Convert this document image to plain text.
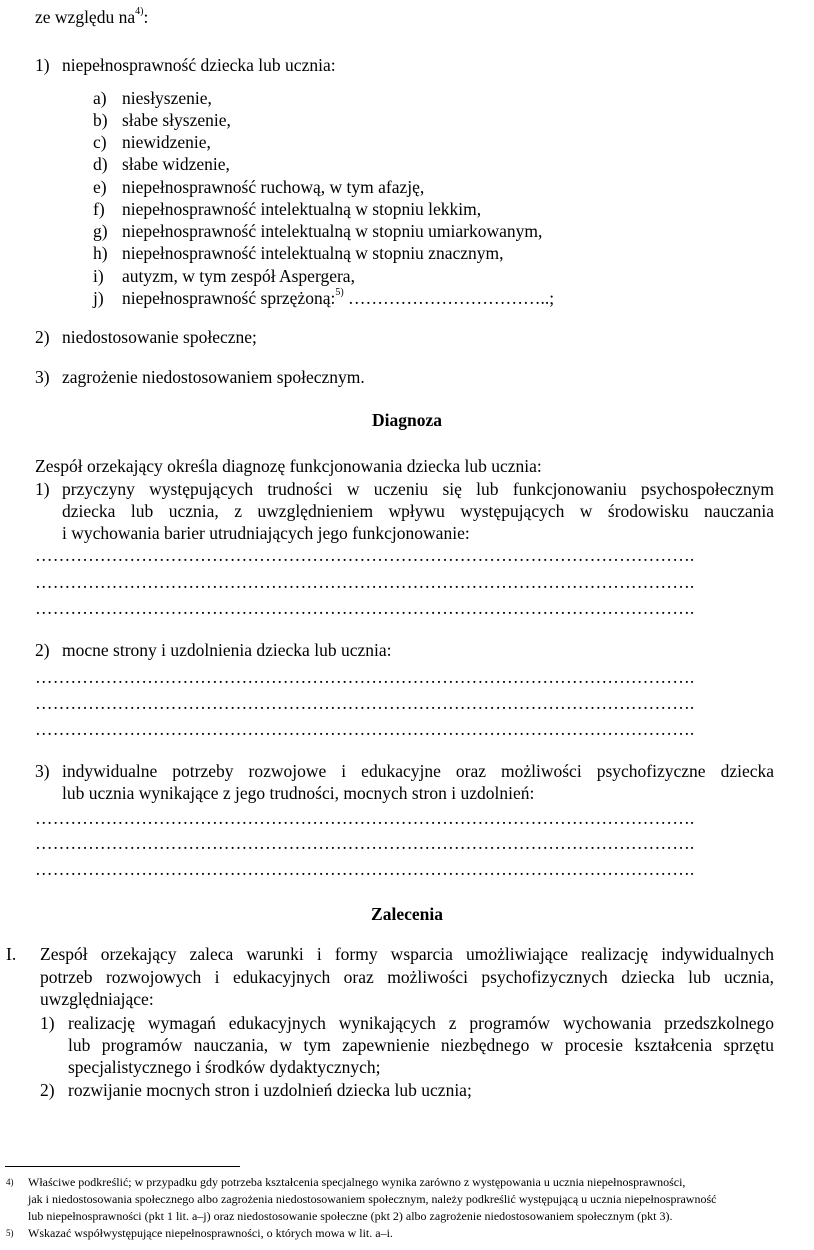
ze względu $na^{4)}$:
1) niepełnosprawność dziecka lub ucznia:
a) niesłyszenie,
b) słabe słyszenie,
c) niewidzenie,
d) słabe widzenie,
e) niepełnosprawność ruchową, w tym afazję,
f) niepełnosprawność intelektualną w stopniu lekkim,
g) niepełnosprawność intelektualną w stopniu umiarkowanym,
h) niepełnosprawność intelektualną w stopniu znacznym,
i) autyzm, w tym zespół Aspergera,
j) niepełnosprawność sprzężoną:$^{5)}$ ……………………………..;
2) niedostosowanie społeczne;
3) zagrożenie niedostosowaniem społecznym.
Diagnoza
Zespół orzekający określa diagnozę funkcjonowania dziecka lub ucznia:
1) przyczyny występujących trudności w uczeniu się lub funkcjonowaniu psychospołecznym
dziecka lub ucznia, z uwzględnieniem wpływu występujących w środowisku nauczania
i wychowania barier utrudniających jego funkcjonowanie:
………………………………………………………………………………………………….
………………………………………………………………………………………………….
………………………………………………………………………………………………….
2) mocne strony i uzdolnienia dziecka lub ucznia:
………………………………………………………………………………………………….
………………………………………………………………………………………………….
………………………………………………………………………………………………….
3) indywidualne potrzeby rozwojowe i edukacyjne oraz możliwości psychofizyczne dziecka
lub ucznia wynikające z jego trudności, mocnych stron i uzdolnień:
………………………………………………………………………………………………….
………………………………………………………………………………………………….
………………………………………………………………………………………………….
Zalecenia
I. Zespół orzekający zaleca warunki i formy wsparcia umożliwiające realizację indywidualnych
potrzeb rozwojowych i edukacyjnych oraz możliwości psychofizycznych dziecka lub ucznia,
uwzględniające:
1) realizację wymagań edukacyjnych wynikających z programów wychowania przedszkolnego
lub programów nauczania, w tym zapewnienie niezbędnego w procesie kształcenia sprzętu
specjalistycznego i środków dydaktycznych;
2) rozwijanie mocnych stron i uzdolnień dziecka lub ucznia;
4) Właściwe podkreślić; w przypadku gdy potrzeba kształcenia specjalnego wynika zarówno z występowania u ucznia niepełnosprawności,
jak i niedostosowania społecznego albo zagrożenia niedostosowaniem społecznym, należy podkreślić występującą u ucznia niepełnosprawność
lub niepełnosprawności (pkt 1 lit. a–j) oraz niedostosowanie społeczne (pkt 2) albo zagrożenie niedostosowaniem społecznym (pkt 3).
5) Wskazać współwystępujące niepełnosprawności, o których mowa w lit. a–i.
